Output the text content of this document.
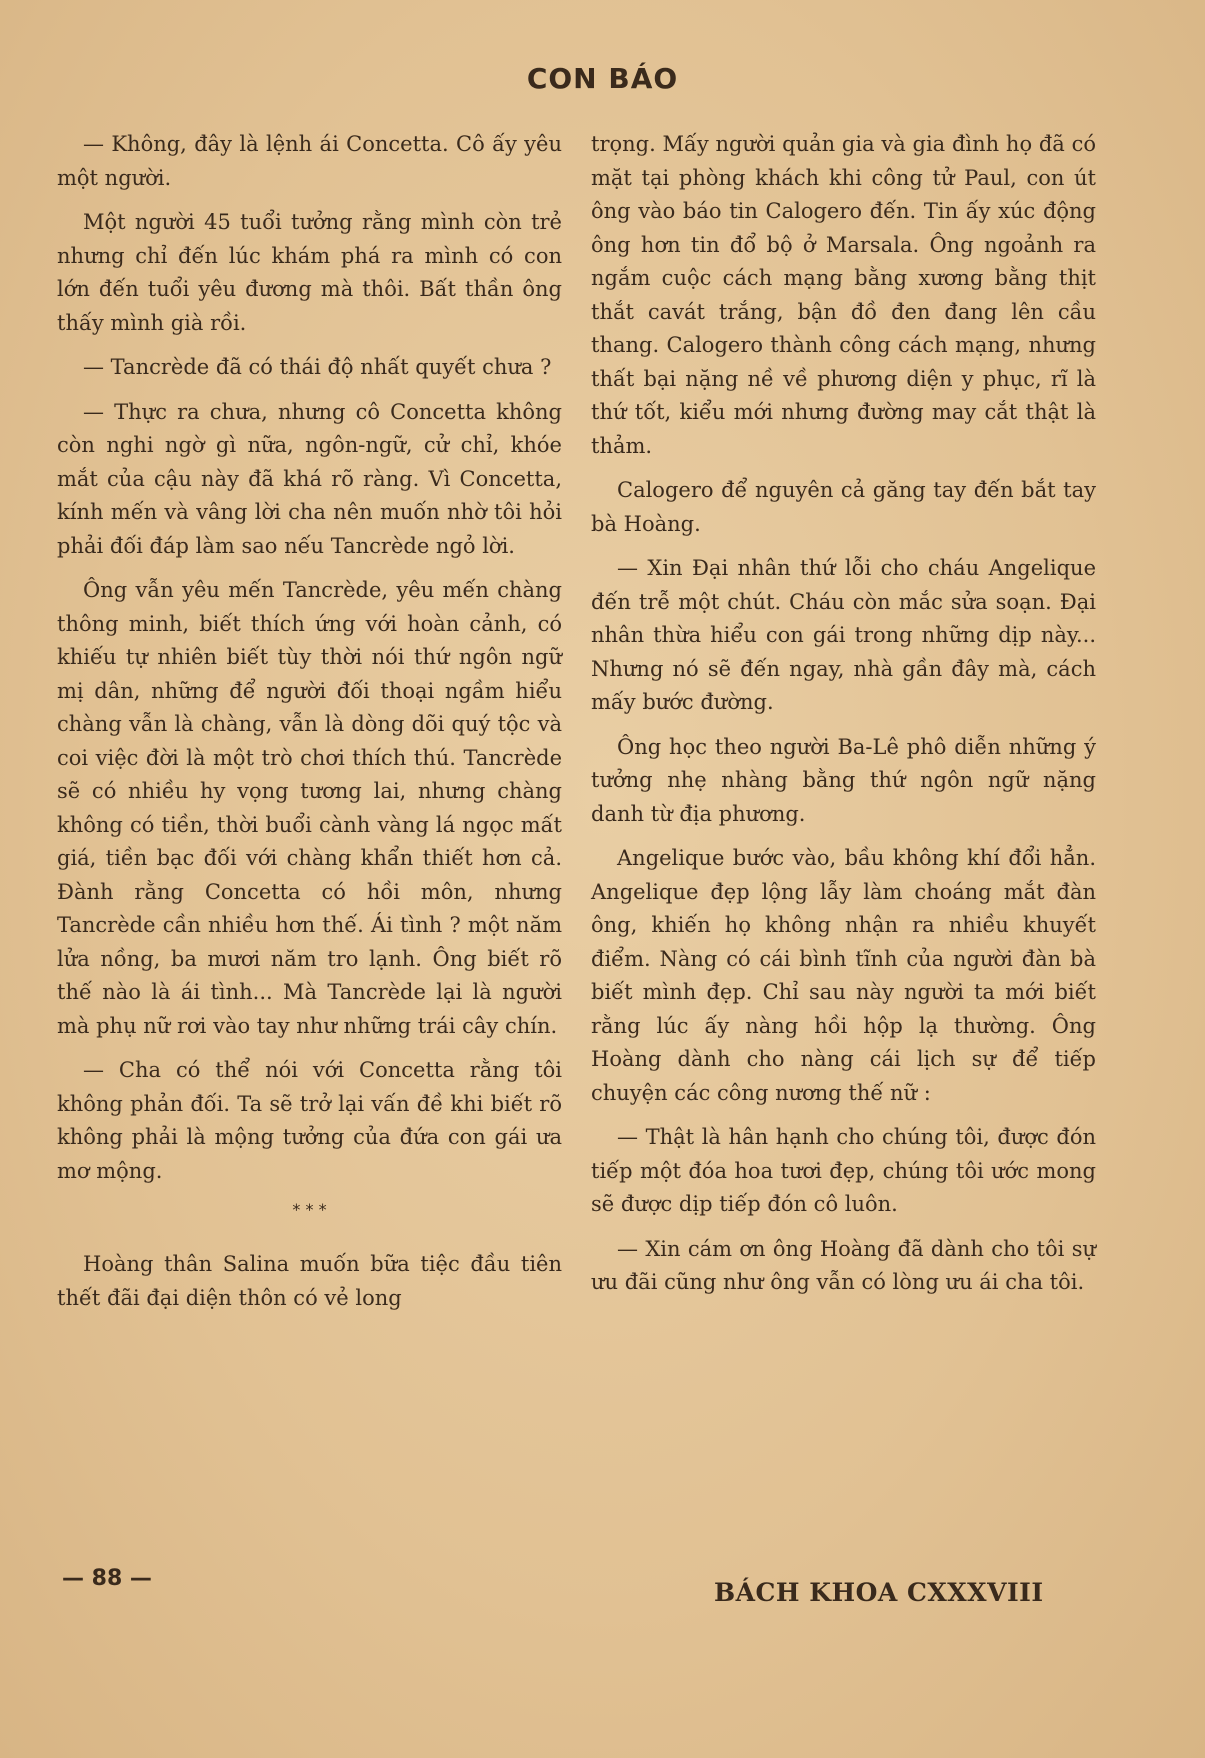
CON BÁO

— Không, đây là lệnh ái Concetta. Cô ấy yêu một người.

Một người 45 tuổi tưởng rằng mình còn trẻ nhưng chỉ đến lúc khám phá ra mình có con lớn đến tuổi yêu đương mà thôi. Bất thần ông thấy mình già rồi.

— Tancrède đã có thái độ nhất quyết chưa ?

— Thực ra chưa, nhưng cô Concetta không còn nghi ngờ gì nữa, ngôn-ngữ, cử chỉ, khóe mắt của cậu này đã khá rõ ràng. Vì Concetta, kính mến và vâng lời cha nên muốn nhờ tôi hỏi phải đối đáp làm sao nếu Tancrède ngỏ lời.

Ông vẫn yêu mến Tancrède, yêu mến chàng thông minh, biết thích ứng với hoàn cảnh, có khiếu tự nhiên biết tùy thời nói thứ ngôn ngữ mị dân, những để người đối thoại ngầm hiểu chàng vẫn là chàng, vẫn là dòng dõi quý tộc và coi việc đời là một trò chơi thích thú. Tancrède sẽ có nhiều hy vọng tương lai, nhưng chàng không có tiền, thời buổi cành vàng lá ngọc mất giá, tiền bạc đối với chàng khẩn thiết hơn cả. Đành rằng Concetta có hồi môn, nhưng Tancrède cần nhiều hơn thế. Ái tình ? một năm lửa nồng, ba mươi năm tro lạnh. Ông biết rõ thế nào là ái tình... Mà Tancrède lại là người mà phụ nữ rơi vào tay như những trái cây chín.

— Cha có thể nói với Concetta rằng tôi không phản đối. Ta sẽ trở lại vấn đề khi biết rõ không phải là mộng tưởng của đứa con gái ưa mơ mộng.

* * *

Hoàng thân Salina muốn bữa tiệc đầu tiên thết đãi đại diện thôn có vẻ long

trọng. Mấy người quản gia và gia đình họ đã có mặt tại phòng khách khi công tử Paul, con út ông vào báo tin Calogero đến. Tin ấy xúc động ông hơn tin đổ bộ ở Marsala. Ông ngoảnh ra ngắm cuộc cách mạng bằng xương bằng thịt thắt cavát trắng, bận đồ đen đang lên cầu thang. Calogero thành công cách mạng, nhưng thất bại nặng nề về phương diện y phục, rĩ là thứ tốt, kiểu mới nhưng đường may cắt thật là thảm.

Calogero để nguyên cả găng tay đến bắt tay bà Hoàng.

— Xin Đại nhân thứ lỗi cho cháu Angelique đến trễ một chút. Cháu còn mắc sửa soạn. Đại nhân thừa hiểu con gái trong những dịp này... Nhưng nó sẽ đến ngay, nhà gần đây mà, cách mấy bước đường.

Ông học theo người Ba-Lê phô diễn những ý tưởng nhẹ nhàng bằng thứ ngôn ngữ nặng danh từ địa phương.

Angelique bước vào, bầu không khí đổi hẳn. Angelique đẹp lộng lẫy làm choáng mắt đàn ông, khiến họ không nhận ra nhiều khuyết điểm. Nàng có cái bình tĩnh của người đàn bà biết mình đẹp. Chỉ sau này người ta mới biết rằng lúc ấy nàng hồi hộp lạ thường. Ông Hoàng dành cho nàng cái lịch sự để tiếp chuyện các công nương thế nữ :

— Thật là hân hạnh cho chúng tôi, được đón tiếp một đóa hoa tươi đẹp, chúng tôi ước mong sẽ được dịp tiếp đón cô luôn.

— Xin cám ơn ông Hoàng đã dành cho tôi sự ưu đãi cũng như ông vẫn có lòng ưu ái cha tôi.

— 88 —	BÁCH KHOA CXXXVIII
